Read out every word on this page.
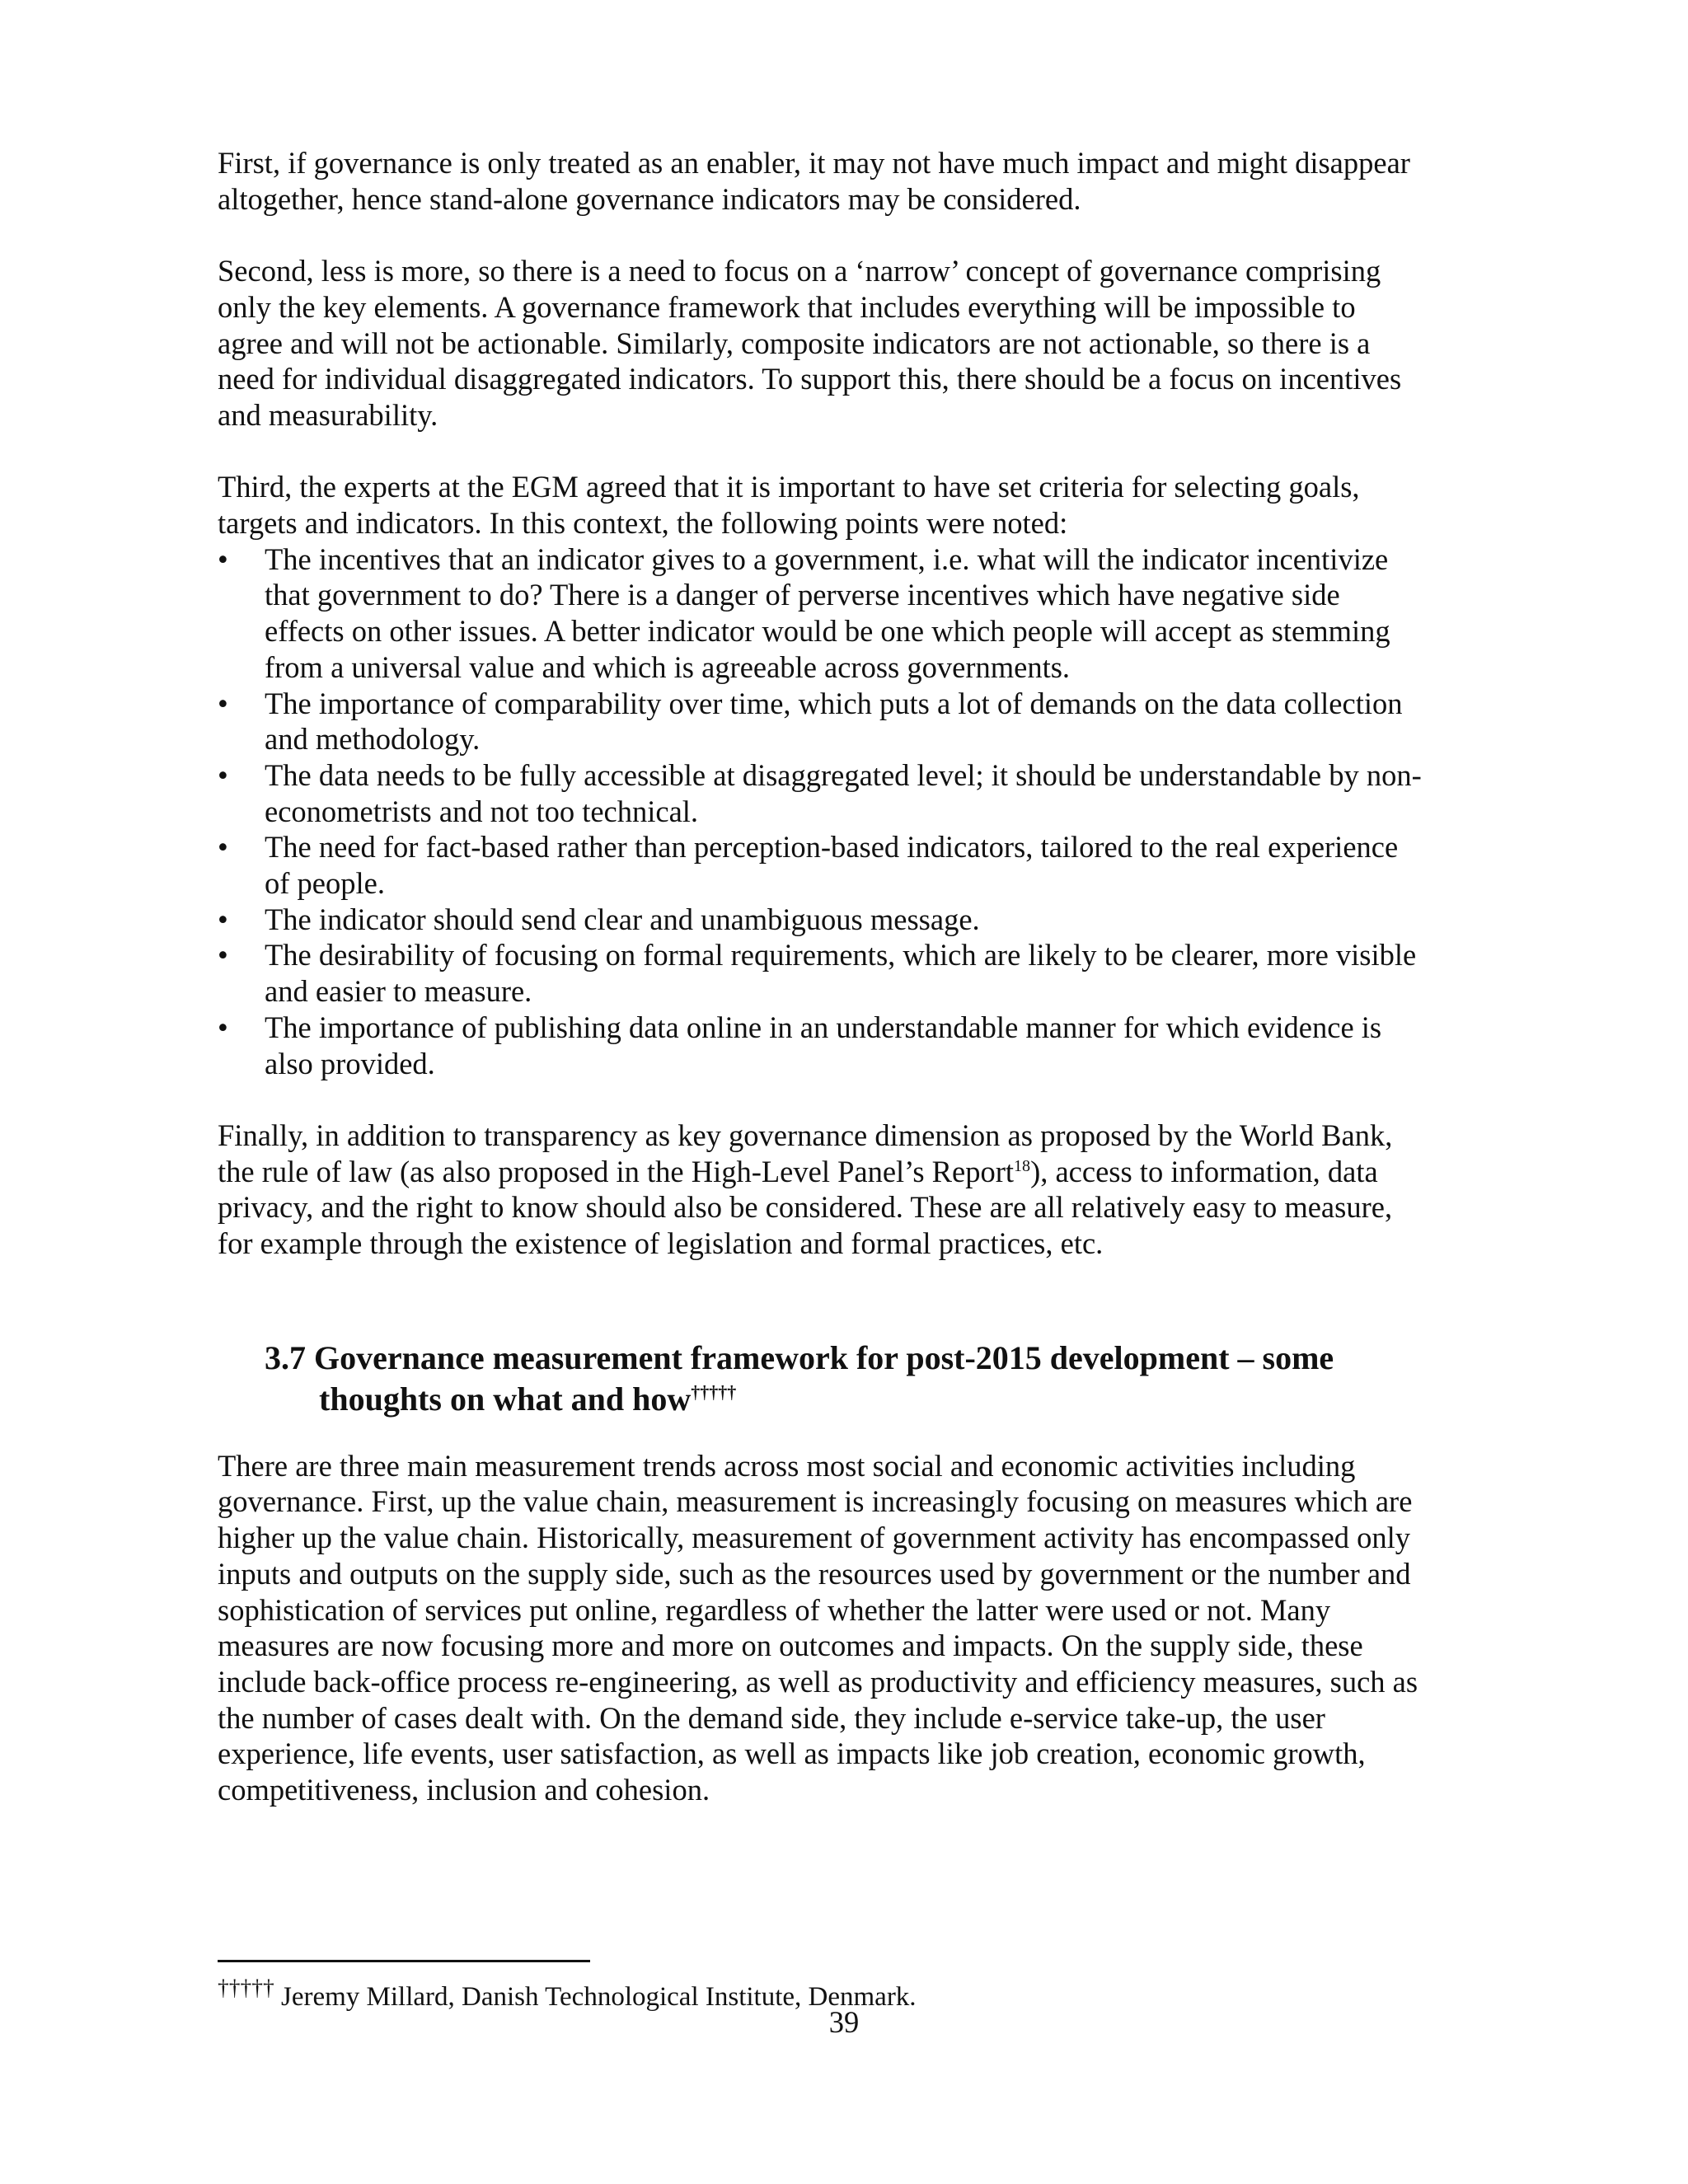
First, if governance is only treated as an enabler, it may not have much impact and might disappear
altogether, hence stand-alone governance indicators may be considered.

Second, less is more, so there is a need to focus on a ‘narrow’ concept of governance comprising
only the key elements. A governance framework that includes everything will be impossible to
agree and will not be actionable. Similarly, composite indicators are not actionable, so there is a
need for individual disaggregated indicators. To support this, there should be a focus on incentives
and measurability.

Third, the experts at the EGM agreed that it is important to have set criteria for selecting goals,
targets and indicators. In this context, the following points were noted:

• The incentives that an indicator gives to a government, i.e. what will the indicator incentivize
that government to do? There is a danger of perverse incentives which have negative side
effects on other issues. A better indicator would be one which people will accept as stemming
from a universal value and which is agreeable across governments.
• The importance of comparability over time, which puts a lot of demands on the data collection
and methodology.
• The data needs to be fully accessible at disaggregated level; it should be understandable by non-
econometrists and not too technical.
• The need for fact-based rather than perception-based indicators, tailored to the real experience
of people.
• The indicator should send clear and unambiguous message.
• The desirability of focusing on formal requirements, which are likely to be clearer, more visible
and easier to measure.
• The importance of publishing data online in an understandable manner for which evidence is
also provided.

Finally, in addition to transparency as key governance dimension as proposed by the World Bank,
the rule of law (as also proposed in the High-Level Panel’s Report$^{18}$), access to information, data
privacy, and the right to know should also be considered. These are all relatively easy to measure,
for example through the existence of legislation and formal practices, etc.

3.7 Governance measurement framework for post-2015 development – some
thoughts on what and how†††††

There are three main measurement trends across most social and economic activities including
governance. First, up the value chain, measurement is increasingly focusing on measures which are
higher up the value chain. Historically, measurement of government activity has encompassed only
inputs and outputs on the supply side, such as the resources used by government or the number and
sophistication of services put online, regardless of whether the latter were used or not. Many
measures are now focusing more and more on outcomes and impacts. On the supply side, these
include back-office process re-engineering, as well as productivity and efficiency measures, such as
the number of cases dealt with. On the demand side, they include e-service take-up, the user
experience, life events, user satisfaction, as well as impacts like job creation, economic growth,
competitiveness, inclusion and cohesion.

††††† Jeremy Millard, Danish Technological Institute, Denmark.

39
